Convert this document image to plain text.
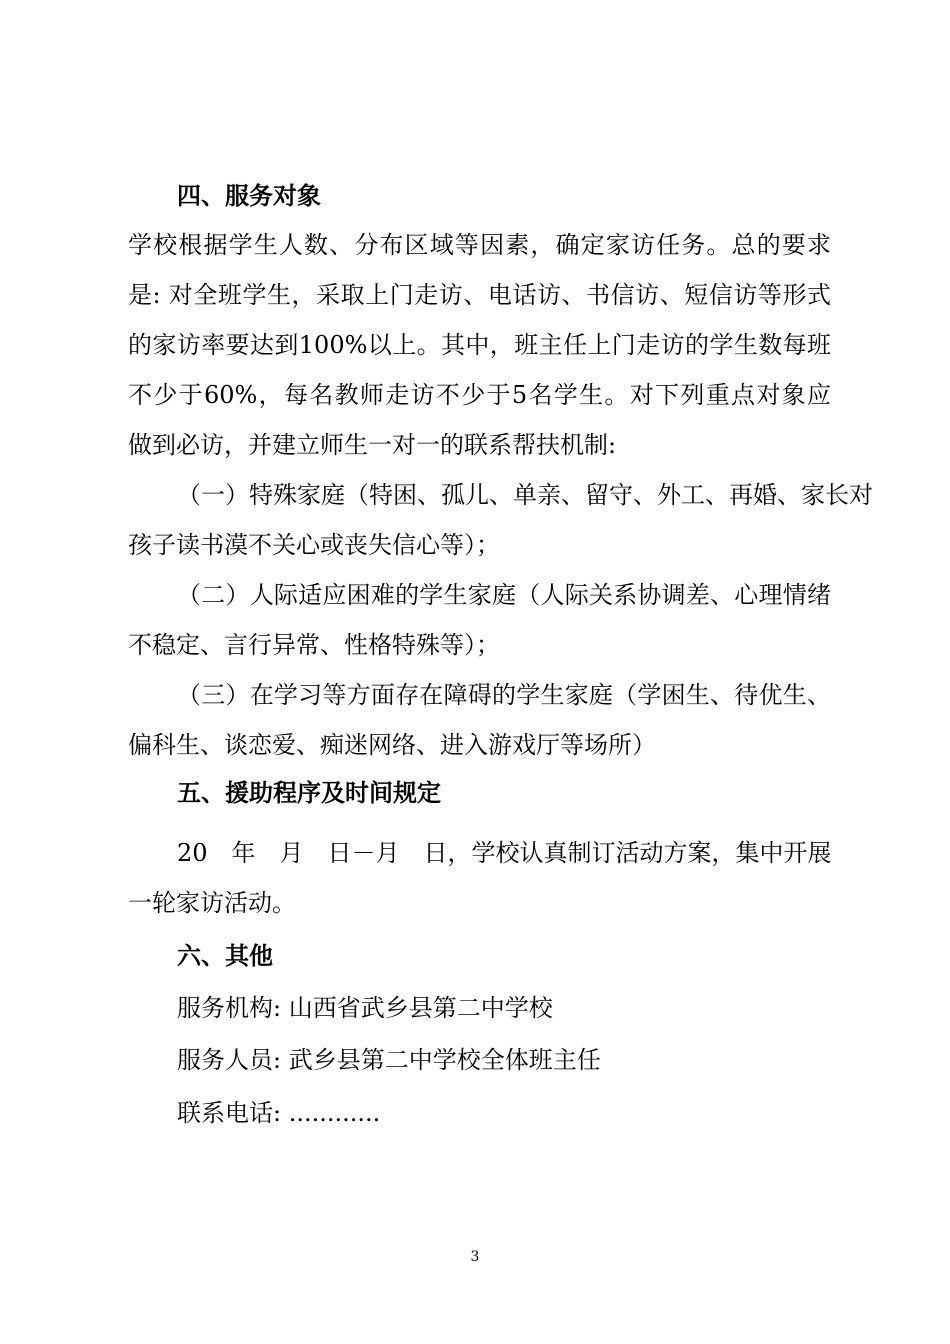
四、服务对象
学校根据学生人数、分布区域等因素，确定家访任务。总的要求
是: 对全班学生，采取上门走访、电话访、书信访、短信访等形式
的家访率要达到100%以上。其中，班主任上门走访的学生数每班
不少于60%，每名教师走访不少于5名学生。对下列重点对象应
做到必访，并建立师生一对一的联系帮扶机制:
（一）特殊家庭（特困、孤儿、单亲、留守、外工、再婚、家长对
孩子读书漠不关心或丧失信心等）；
（二）人际适应困难的学生家庭（人际关系协调差、心理情绪
不稳定、言行异常、性格特殊等）；
（三）在学习等方面存在障碍的学生家庭（学困生、待优生、
偏科生、谈恋爱、痴迷网络、进入游戏厅等场所）
五、援助程序及时间规定
20　年　月　日－月　日，学校认真制订活动方案，集中开展
一轮家访活动。
六、其他
服务机构: 山西省武乡县第二中学校
服务人员: 武乡县第二中学校全体班主任
联系电话: ............
3
